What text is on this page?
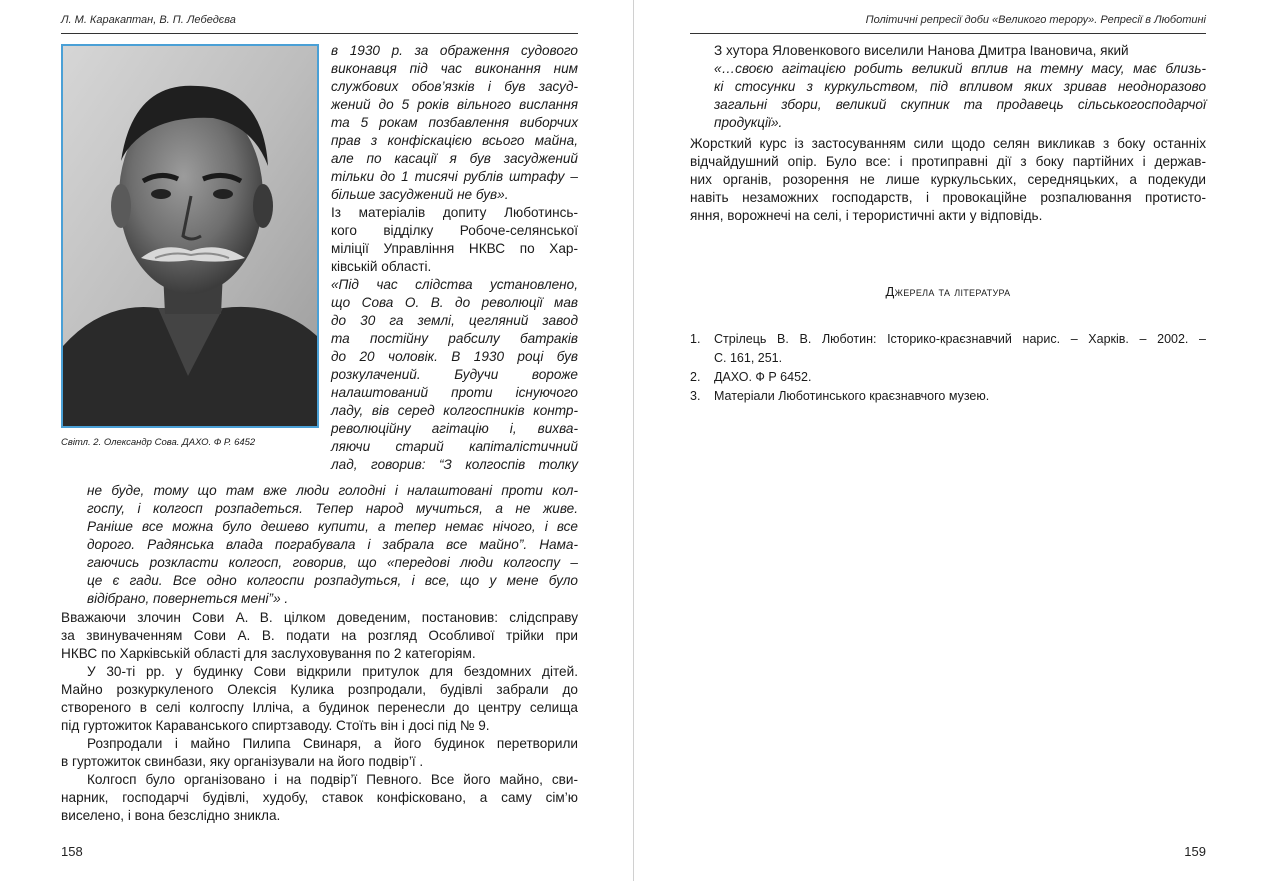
Л. М. Каракаптан, В. П. Лебедєва
Світл. 2. Олександр Сова. ДАХО. Ф Р. 6452
в 1930 р. за ображення судового
виконавця під час виконання ним
службових обов’язків і був засуд-
жений до 5 років вільного вислання
та 5 рокам позбавлення виборчих
прав з конфіскацією всього майна,
але по касації я був засуджений
тільки до 1 тисячі рублів штрафу –
більше засуджений не був».
Із матеріалів допиту Люботинсь-
кого відділку Робоче-селянської
міліції Управління НКВС по Хар-
ківській області.
«Під час слідства установлено,
що Сова О. В. до революції мав
до 30 га землі, цегляний завод
та постійну рабсилу батраків
до 20 чоловік. В 1930 році був
розкулачений. Будучи вороже
налаштований проти існуючого
ладу, вів серед колгоспників контр-
революційну агітацію і, вихва-
ляючи старий капіталістичний
лад, говорив: “З колгоспів толку
не буде, тому що там вже люди голодні і налаштовані проти кол-
госпу, і колгосп розпадеться. Тепер народ мучиться, а не живе.
Раніше все можна було дешево купити, а тепер немає нічого, і все
дорого. Радянська влада пограбувала і забрала все майно”. Нама-
гаючись розкласти колгосп, говорив, що «передові люди колгоспу –
це є гади. Все одно колгоспи розпадуться, і все, що у мене було
відібрано, повернеться мені”» .
Вважаючи злочин Сови А. В. цілком доведеним, постановив: слідсправу
за звинуваченням Сови А. В. подати на розгляд Особливої трійки при
НКВС по Харківській області для заслуховування по 2 категоріям.
У 30-ті рр. у будинку Сови відкрили притулок для бездомних дітей.
Майно розкуркуленого Олексія Кулика розпродали, будівлі забрали до
створеного в селі колгоспу Ілліча, а будинок перенесли до центру селища
під гуртожиток Караванського спиртзаводу. Стоїть він і досі під № 9.
Розпродали і майно Пилипа Свинаря, а його будинок перетворили
в гуртожиток свинбази, яку організували на його подвір’ї .
Колгосп було організовано і на подвір’ї Певного. Все його майно, сви-
нарник, господарчі будівлі, худобу, ставок конфісковано, а саму сім’ю
виселено, і вона безслідно зникла.
158
Політичні репресії доби «Великого терору». Репресії в Люботині
З хутора Яловенкового виселили Нанова Дмитра Івановича, який
«…своєю агітацією робить великий вплив на темну масу, має близь-
кі стосунки з куркульством, під впливом яких зривав неодноразово
загальні збори, великий скупник та продавець сільськогосподарчої
продукції».
Жорсткий курс із застосуванням сили щодо селян викликав з боку останніх
відчайдушний опір. Було все: і протиправні дії з боку партійних і держав-
них органів, розорення не лише куркульських, середняцьких, а подекуди
навіть незаможних господарств, і провокаційне розпалювання протисто-
яння, ворожнечі на селі, і терористичні акти у відповідь.
Джерела та література
1.	Стрілець В. В. Люботин: Історико-краєзнавчий нарис. – Харків. – 2002. –
С. 161, 251.
2.	ДАХО. Ф Р 6452.
3.	Матеріали Люботинського краєзнавчого музею.
159
